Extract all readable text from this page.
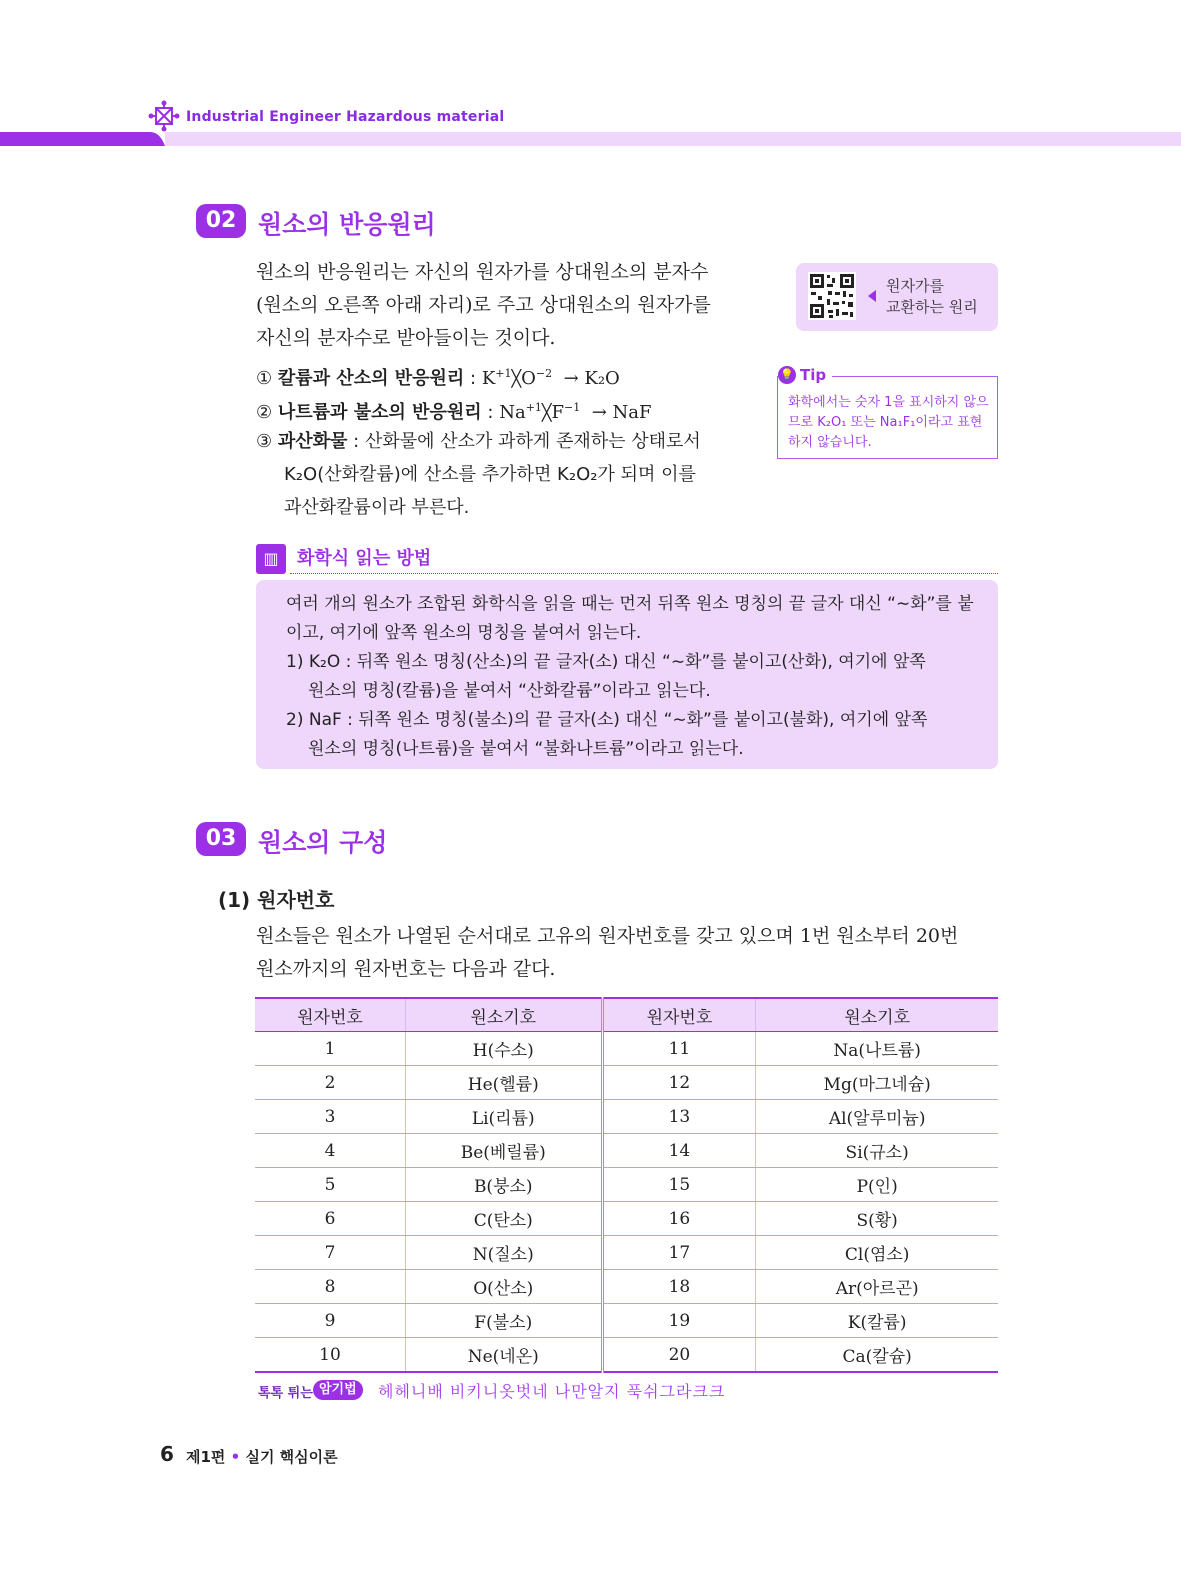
Industrial Engineer Hazardous material
02 원소의 반응원리
원소의 반응원리는 자신의 원자가를 상대원소의 분자수
(원소의 오른쪽 아래 자리)로 주고 상대원소의 원자가를
자신의 분자수로 받아들이는 것이다.
① 칼륨과 산소의 반응원리 : $K^{+1}╳O^{-2} \to K_2O$
② 나트륨과 불소의 반응원리 : $Na^{+1}╳F^{-1}$ → NaF
③ 과산화물 : 산화물에 산소가 과하게 존재하는 상태로서
K₂O(산화칼륨)에 산소를 추가하면 K₂O₂가 되며 이를
과산화칼륨이라 부른다.
원자가를
교환하는 원리
Tip
💡
화학에서는 숫자 1을 표시하지 않으므로 K₂O₁ 또는 Na₁F₁이라고 표현하지 않습니다.
▥	화학식 읽는 방법
여러 개의 원소가 조합된 화학식을 읽을 때는 먼저 뒤쪽 원소 명칭의 끝 글자 대신 “∼화”를 붙이고, 여기에 앞쪽 원소의 명칭을 붙여서 읽는다.
1) K₂O : 뒤쪽 원소 명칭(산소)의 끝 글자(소) 대신 “∼화”를 붙이고(산화), 여기에 앞쪽
원소의 명칭(칼륨)을 붙여서 “산화칼륨”이라고 읽는다.
2) NaF : 뒤쪽 원소 명칭(불소)의 끝 글자(소) 대신 “∼화”를 붙이고(불화), 여기에 앞쪽
원소의 명칭(나트륨)을 붙여서 “불화나트륨”이라고 읽는다.
03 원소의 구성
(1) 원자번호
원소들은 원소가 나열된 순서대로 고유의 원자번호를 갖고 있으며 1번 원소부터 20번
원소까지의 원자번호는 다음과 같다.
원자번호	원소기호	원자번호	원소기호
1	H(수소)	11	Na(나트륨)
2	He(헬륨)	12	Mg(마그네슘)
3	Li(리튬)	13	Al(알루미늄)
4	Be(베릴륨)	14	Si(규소)
5	B(붕소)	15	P(인)
6	C(탄소)	16	S(황)
7	N(질소)	17	Cl(염소)
8	O(산소)	18	Ar(아르곤)
9	F(불소)	19	K(칼륨)
10	Ne(네온)	20	Ca(칼슘)
톡톡 튀는 암기법	헤헤니배 비키니옷벗네 나만알지 푹쉬그라크크
6 제1편 • 실기 핵심이론
